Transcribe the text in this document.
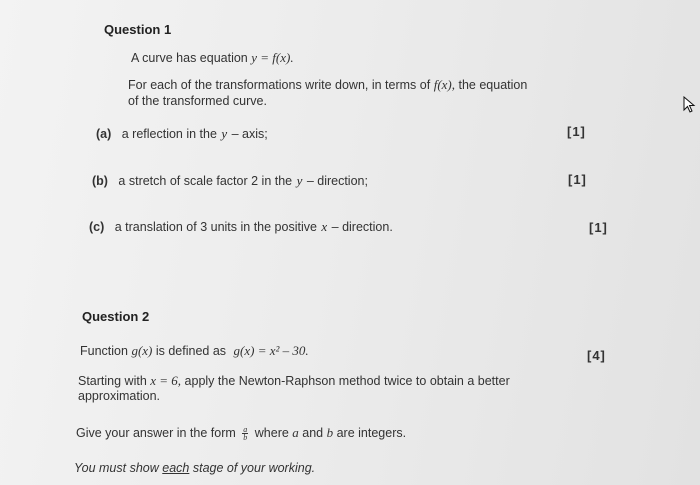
Question 1
A curve has equation y = f(x).
For each of the transformations write down, in terms of f(x), the equation
of the transformed curve.
(a) a reflection in the y – axis;	[1]
(b) a stretch of scale factor 2 in the y – direction;	[1]
(c) a translation of 3 units in the positive x – direction.	[1]
Question 2
Function g(x) is defined as g(x) = x² – 30.	[4]
Starting with x = 6, apply the Newton-Raphson method twice to obtain a better
approximation.
Give your answer in the form $\frac{a}{b}$ where a and b are integers.
You must show each stage of your working.
